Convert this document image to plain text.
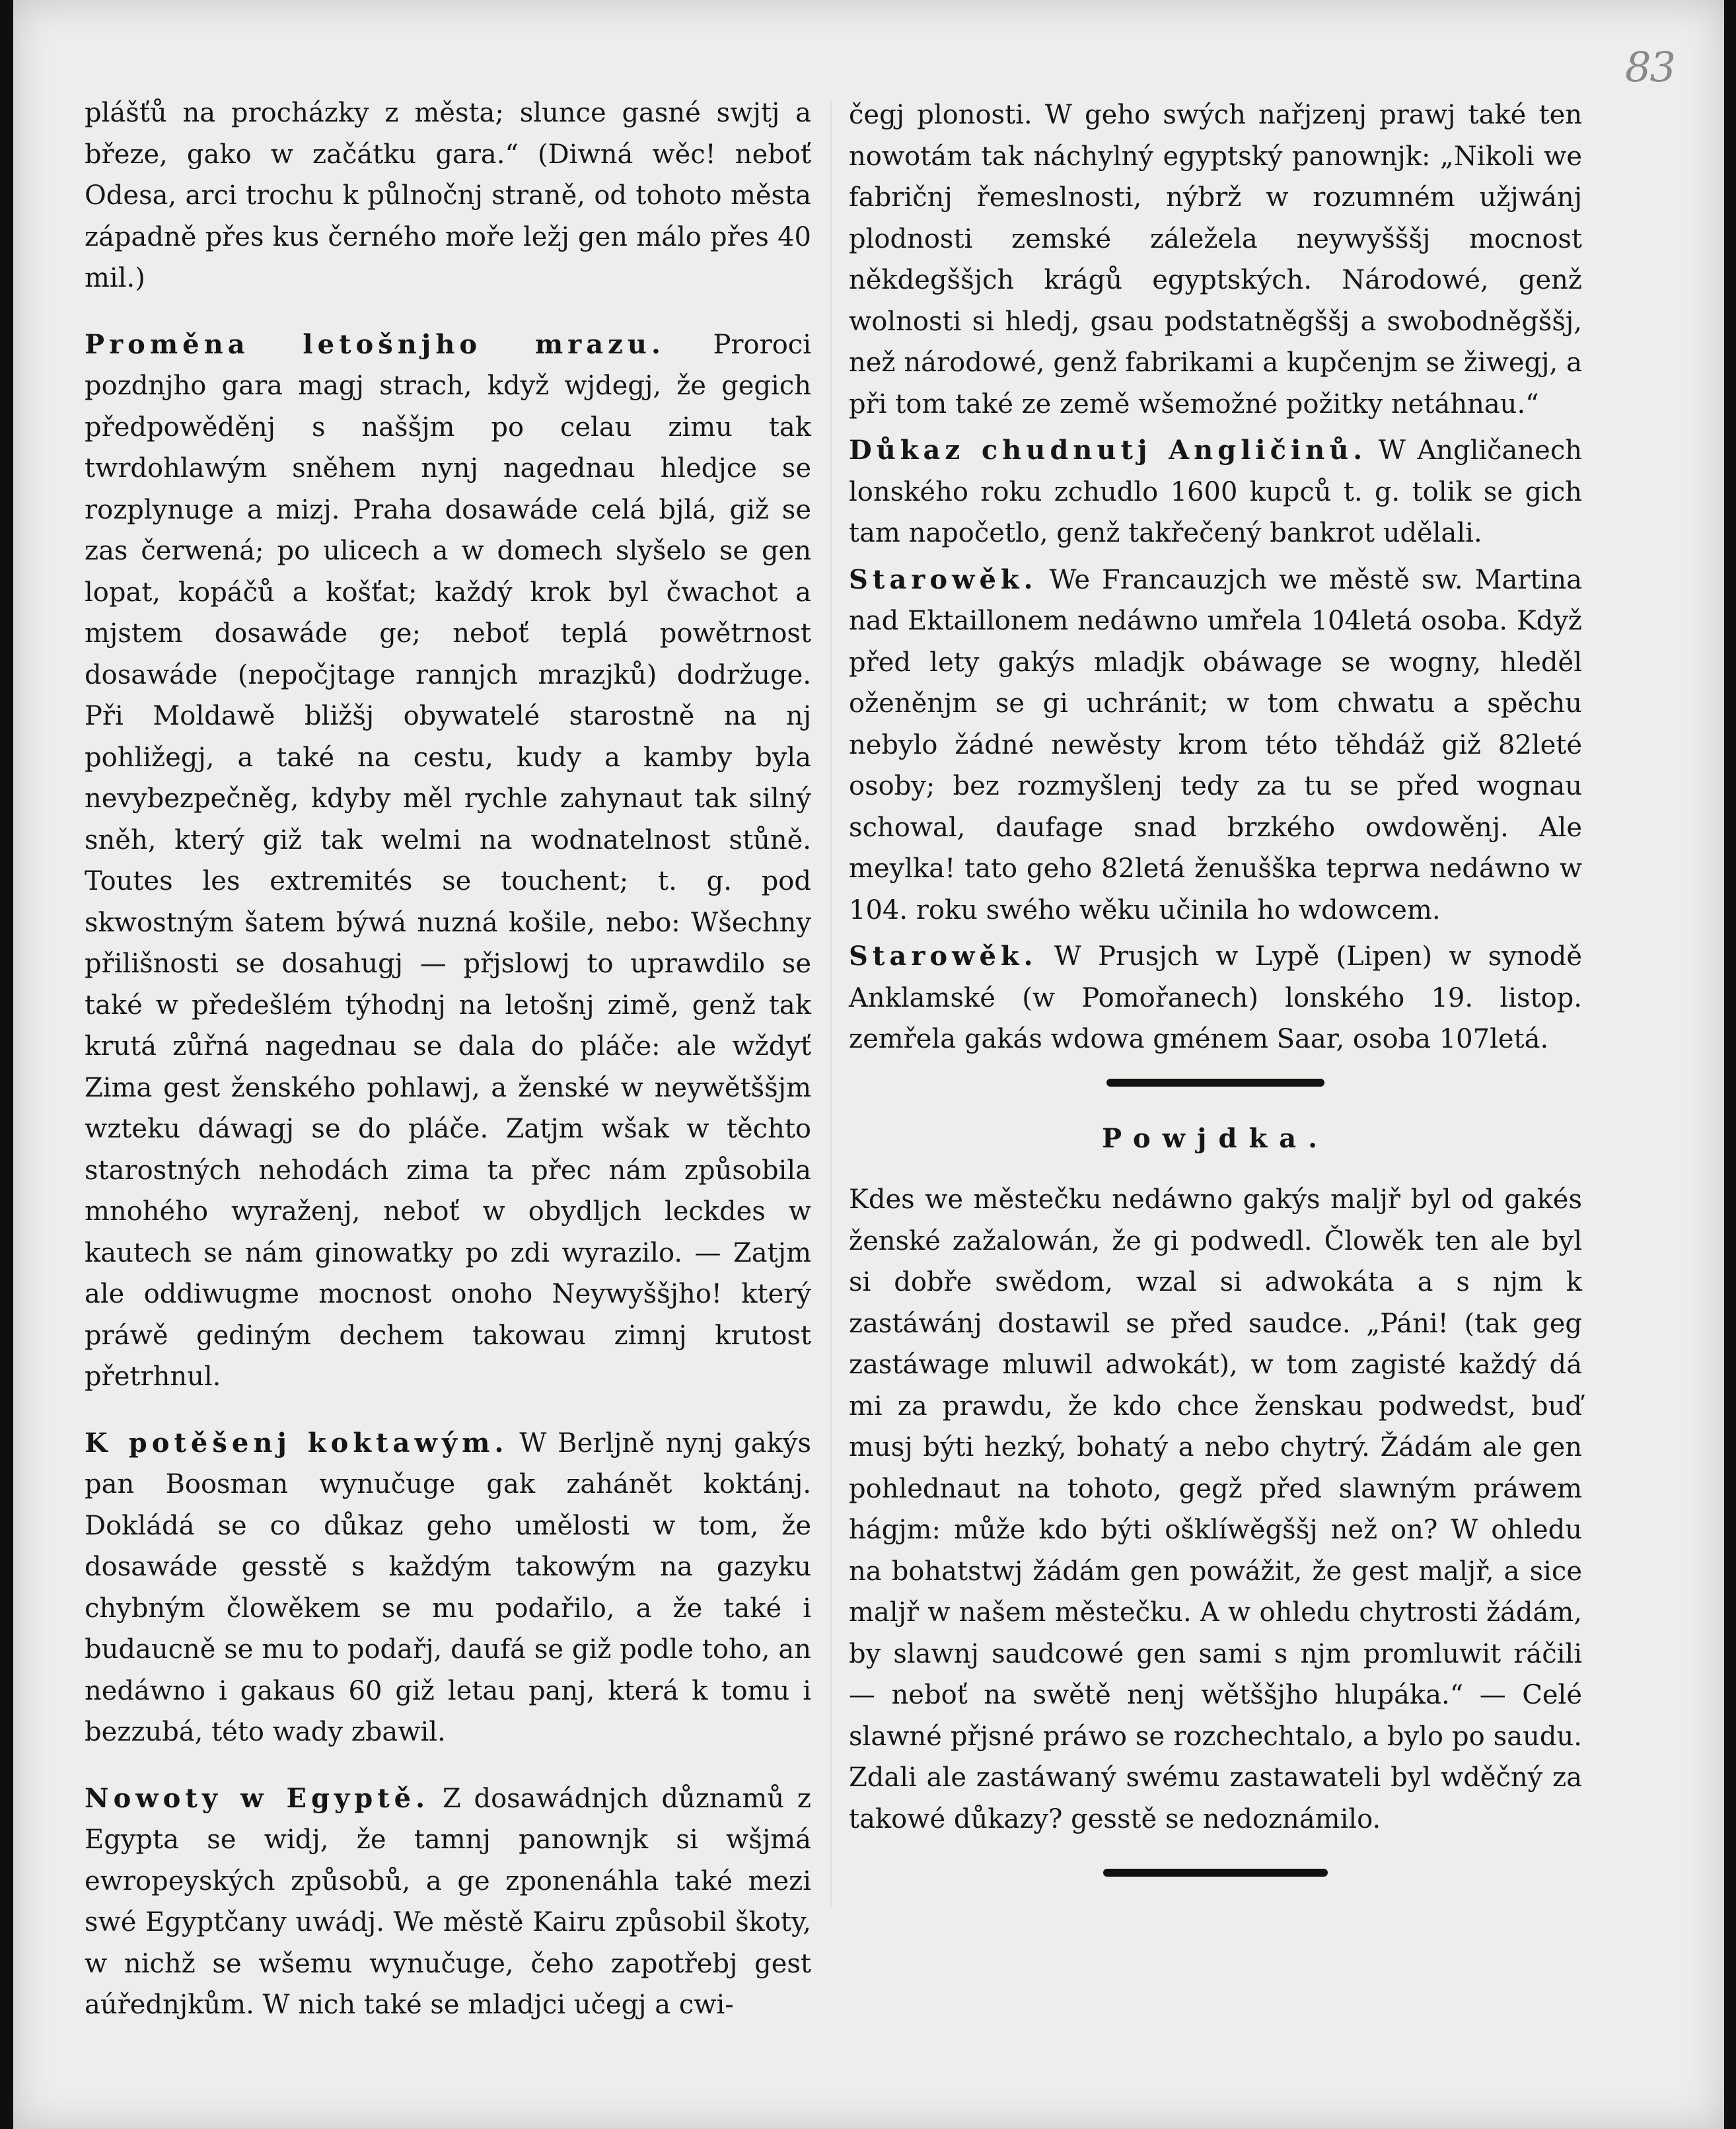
83

plášťů na procházky z města; slunce gasné swjtj a březe, gako w začátku gara.“ (Diwná wěc! neboť Odesa, arci trochu k půlnočnj straně, od tohoto města západně přes kus černého moře ležj gen málo přes 40 mil.)

Proměna letošnjho mrazu. Proroci pozdnjho gara magj strach, když wjdegj, že gegich předpowěděnj s naššjm po celau zimu tak twrdohlawým sněhem nynj nagednau hledjce se rozplynuge a mizj. Praha dosawáde celá bjlá, giž se zas čerwená; po ulicech a w domech slyšelo se gen lopat, kopáčů a košťat; každý krok byl čwachot a mjstem dosawáde ge; neboť teplá powětrnost dosawáde (nepočjtage rannjch mrazjků) dodržuge. Při Moldawě bližšj obywatelé starostně na nj pohližegj, a také na cestu, kudy a kamby byla nevybezpečněg, kdyby měl rychle zahynaut tak silný sněh, který giž tak welmi na wodnatelnost stůně. Toutes les extremités se touchent; t. g. pod skwostným šatem býwá nuzná košile, nebo: Wšechny přilišnosti se dosahugj — přjslowj to uprawdilo se také w předešlém týhodnj na letošnj zimě, genž tak krutá zůřná nagednau se dala do pláče: ale wždyť Zima gest ženského pohlawj, a ženské w neywětššjm wzteku dáwagj se do pláče. Zatjm wšak w těchto starostných nehodách zima ta přec nám způsobila mnohého wyraženj, neboť w obydljch leckdes w kautech se nám ginowatky po zdi wyrazilo. — Zatjm ale oddiwugme mocnost onoho Neywyššjho! který práwě gediným dechem takowau zimnj krutost přetrhnul.

K potěšenj koktawým. W Berljně nynj gakýs pan Boosman wynučuge gak zahánět koktánj. Dokládá se co důkaz geho umělosti w tom, že dosawáde gesstě s každým takowým na gazyku chybným člowěkem se mu podařilo, a že také i budaucně se mu to podařj, daufá se giž podle toho, an nedáwno i gakaus 60 giž letau panj, která k tomu i bezzubá, této wady zbawil.

Nowoty w Egyptě. Z dosawádnjch důznamů z Egypta se widj, že tamnj panownjk si wšjmá ewropeyských způsobů, a ge zponenáhla také mezi swé Egyptčany uwádj. We městě Kairu způsobil škoty, w nichž se wšemu wynučuge, čeho zapotřebj gest aúřednjkům. W nich také se mladjci učegj a cwi-

čegj plonosti. W geho swých nařjzenj prawj také ten nowotám tak náchylný egyptský panownjk: „Nikoli we fabričnj řemeslnosti, nýbrž w rozumném užjwánj plodnosti zemské záležela neywyšššj mocnost někdegššjch krágů egyptských. Národowé, genž wolnosti si hledj, gsau podstatněgššj a swobodněgššj, než národowé, genž fabrikami a kupčenjm se žiwegj, a při tom také ze země wšemožné požitky netáhnau.“

Důkaz chudnutj Angličinů. W Angličanech lonského roku zchudlo 1600 kupců t. g. tolik se gich tam napočetlo, genž takřečený bankrot udělali.

Starowěk. We Francauzjch we městě sw. Martina nad Ektaillonem nedáwno umřela 104letá osoba. Když před lety gakýs mladjk obáwage se wogny, hleděl oženěnjm se gi uchránit; w tom chwatu a spěchu nebylo žádné newěsty krom této těhdáž giž 82leté osoby; bez rozmyšlenj tedy za tu se před wognau schowal, daufage snad brzkého owdowěnj. Ale meylka! tato geho 82letá ženušška teprwa nedáwno w 104. roku swého wěku učinila ho wdowcem.

Starowěk. W Prusjch w Lypě (Lipen) w synodě Anklamské (w Pomořanech) lonského 19. listop. zemřela gakás wdowa gménem Saar, osoba 107letá.

Powjdka.

Kdes we městečku nedáwno gakýs maljř byl od gakés ženské zažalowán, že gi podwedl. Člowěk ten ale byl si dobře swědom, wzal si adwokáta a s njm k zastáwánj dostawil se před saudce. „Páni! (tak geg zastáwage mluwil adwokát), w tom zagisté každý dá mi za prawdu, že kdo chce ženskau podwedst, buď musj býti hezký, bohatý a nebo chytrý. Žádám ale gen pohlednaut na tohoto, gegž před slawným práwem hágjm: může kdo býti ošklíwěgššj než on? W ohledu na bohatstwj žádám gen powážit, že gest maljř, a sice maljř w našem městečku. A w ohledu chytrosti žádám, by slawnj saudcowé gen sami s njm promluwit ráčili — neboť na swětě nenj wětššjho hlupáka.“ — Celé slawné přjsné práwo se rozchechtalo, a bylo po saudu. Zdali ale zastáwaný swému zastawateli byl wděčný za takowé důkazy? gesstě se nedoznámilo.
